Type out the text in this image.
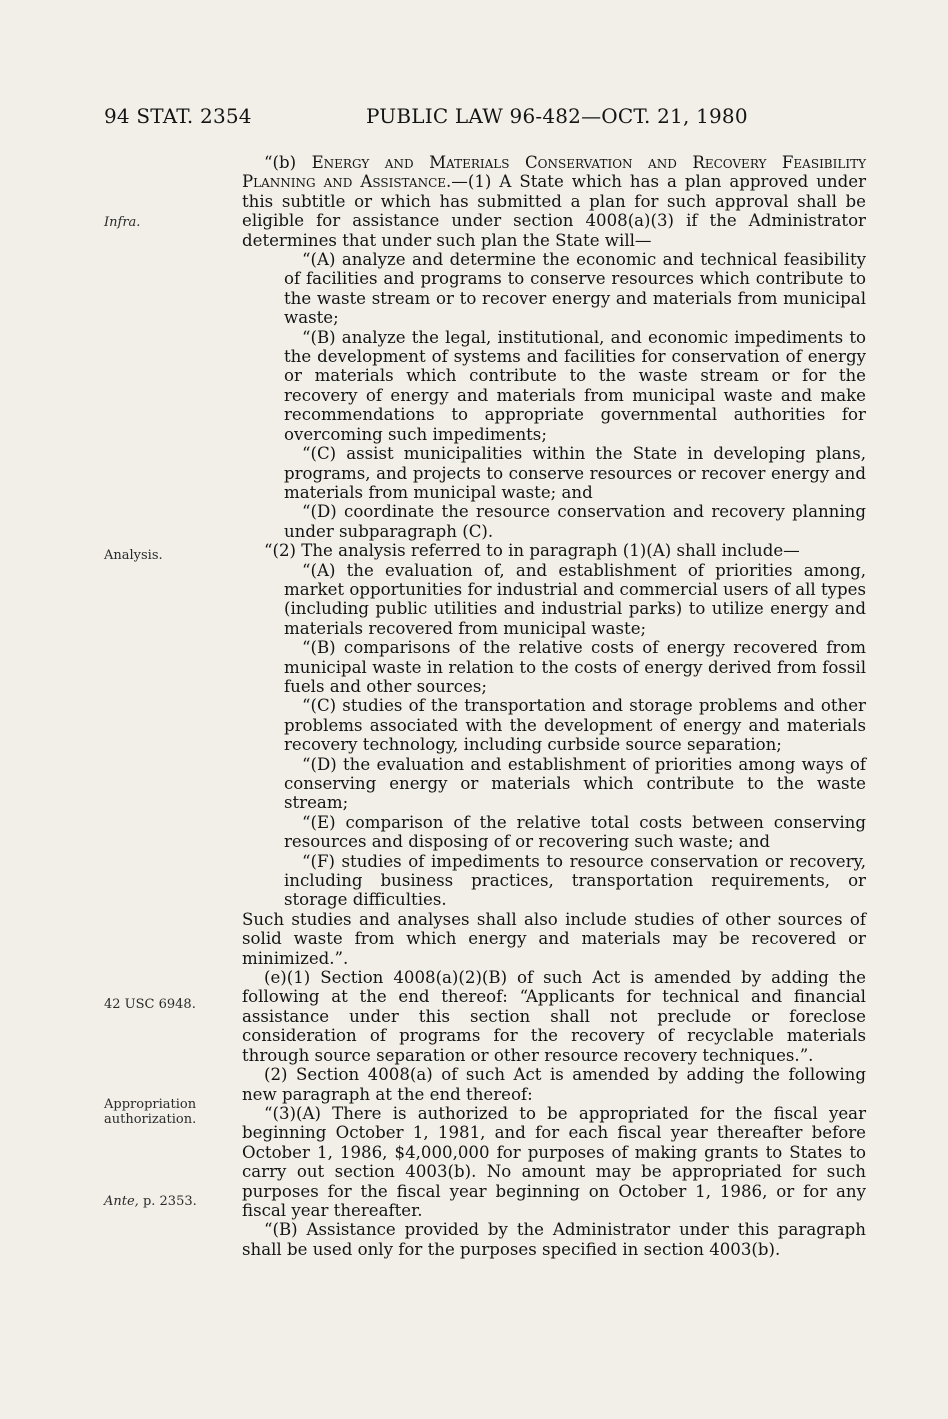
94 STAT. 2354	PUBLIC LAW 96-482—OCT. 21, 1980
Infra.
Analysis.
42 USC 6948.
Appropriation authorization.
Ante, p. 2353.

“(b) Energy and Materials Conservation and Recovery Feasibility Planning and Assistance.—(1) A State which has a plan approved under this subtitle or which has submitted a plan for such approval shall be eligible for assistance under section 4008(a)(3) if the Administrator determines that under such plan the State will—

“(A) analyze and determine the economic and technical feasibility of facilities and programs to conserve resources which contribute to the waste stream or to recover energy and materials from municipal waste;

“(B) analyze the legal, institutional, and economic impediments to the development of systems and facilities for conservation of energy or materials which contribute to the waste stream or for the recovery of energy and materials from municipal waste and make recommendations to appropriate governmental authorities for overcoming such impediments;

“(C) assist municipalities within the State in developing plans, programs, and projects to conserve resources or recover energy and materials from municipal waste; and

“(D) coordinate the resource conservation and recovery planning under subparagraph (C).

“(2) The analysis referred to in paragraph (1)(A) shall include—

“(A) the evaluation of, and establishment of priorities among, market opportunities for industrial and commercial users of all types (including public utilities and industrial parks) to utilize energy and materials recovered from municipal waste;

“(B) comparisons of the relative costs of energy recovered from municipal waste in relation to the costs of energy derived from fossil fuels and other sources;

“(C) studies of the transportation and storage problems and other problems associated with the development of energy and materials recovery technology, including curbside source separation;

“(D) the evaluation and establishment of priorities among ways of conserving energy or materials which contribute to the waste stream;

“(E) comparison of the relative total costs between conserving resources and disposing of or recovering such waste; and

“(F) studies of impediments to resource conservation or recovery, including business practices, transportation requirements, or storage difficulties.

Such studies and analyses shall also include studies of other sources of solid waste from which energy and materials may be recovered or minimized.”.

(e)(1) Section 4008(a)(2)(B) of such Act is amended by adding the following at the end thereof: “Applicants for technical and financial assistance under this section shall not preclude or foreclose consideration of programs for the recovery of recyclable materials through source separation or other resource recovery techniques.”.

(2) Section 4008(a) of such Act is amended by adding the following new paragraph at the end thereof:

“(3)(A) There is authorized to be appropriated for the fiscal year beginning October 1, 1981, and for each fiscal year thereafter before October 1, 1986, $4,000,000 for purposes of making grants to States to carry out section 4003(b). No amount may be appropriated for such purposes for the fiscal year beginning on October 1, 1986, or for any fiscal year thereafter.

“(B) Assistance provided by the Administrator under this paragraph shall be used only for the purposes specified in section 4003(b).
